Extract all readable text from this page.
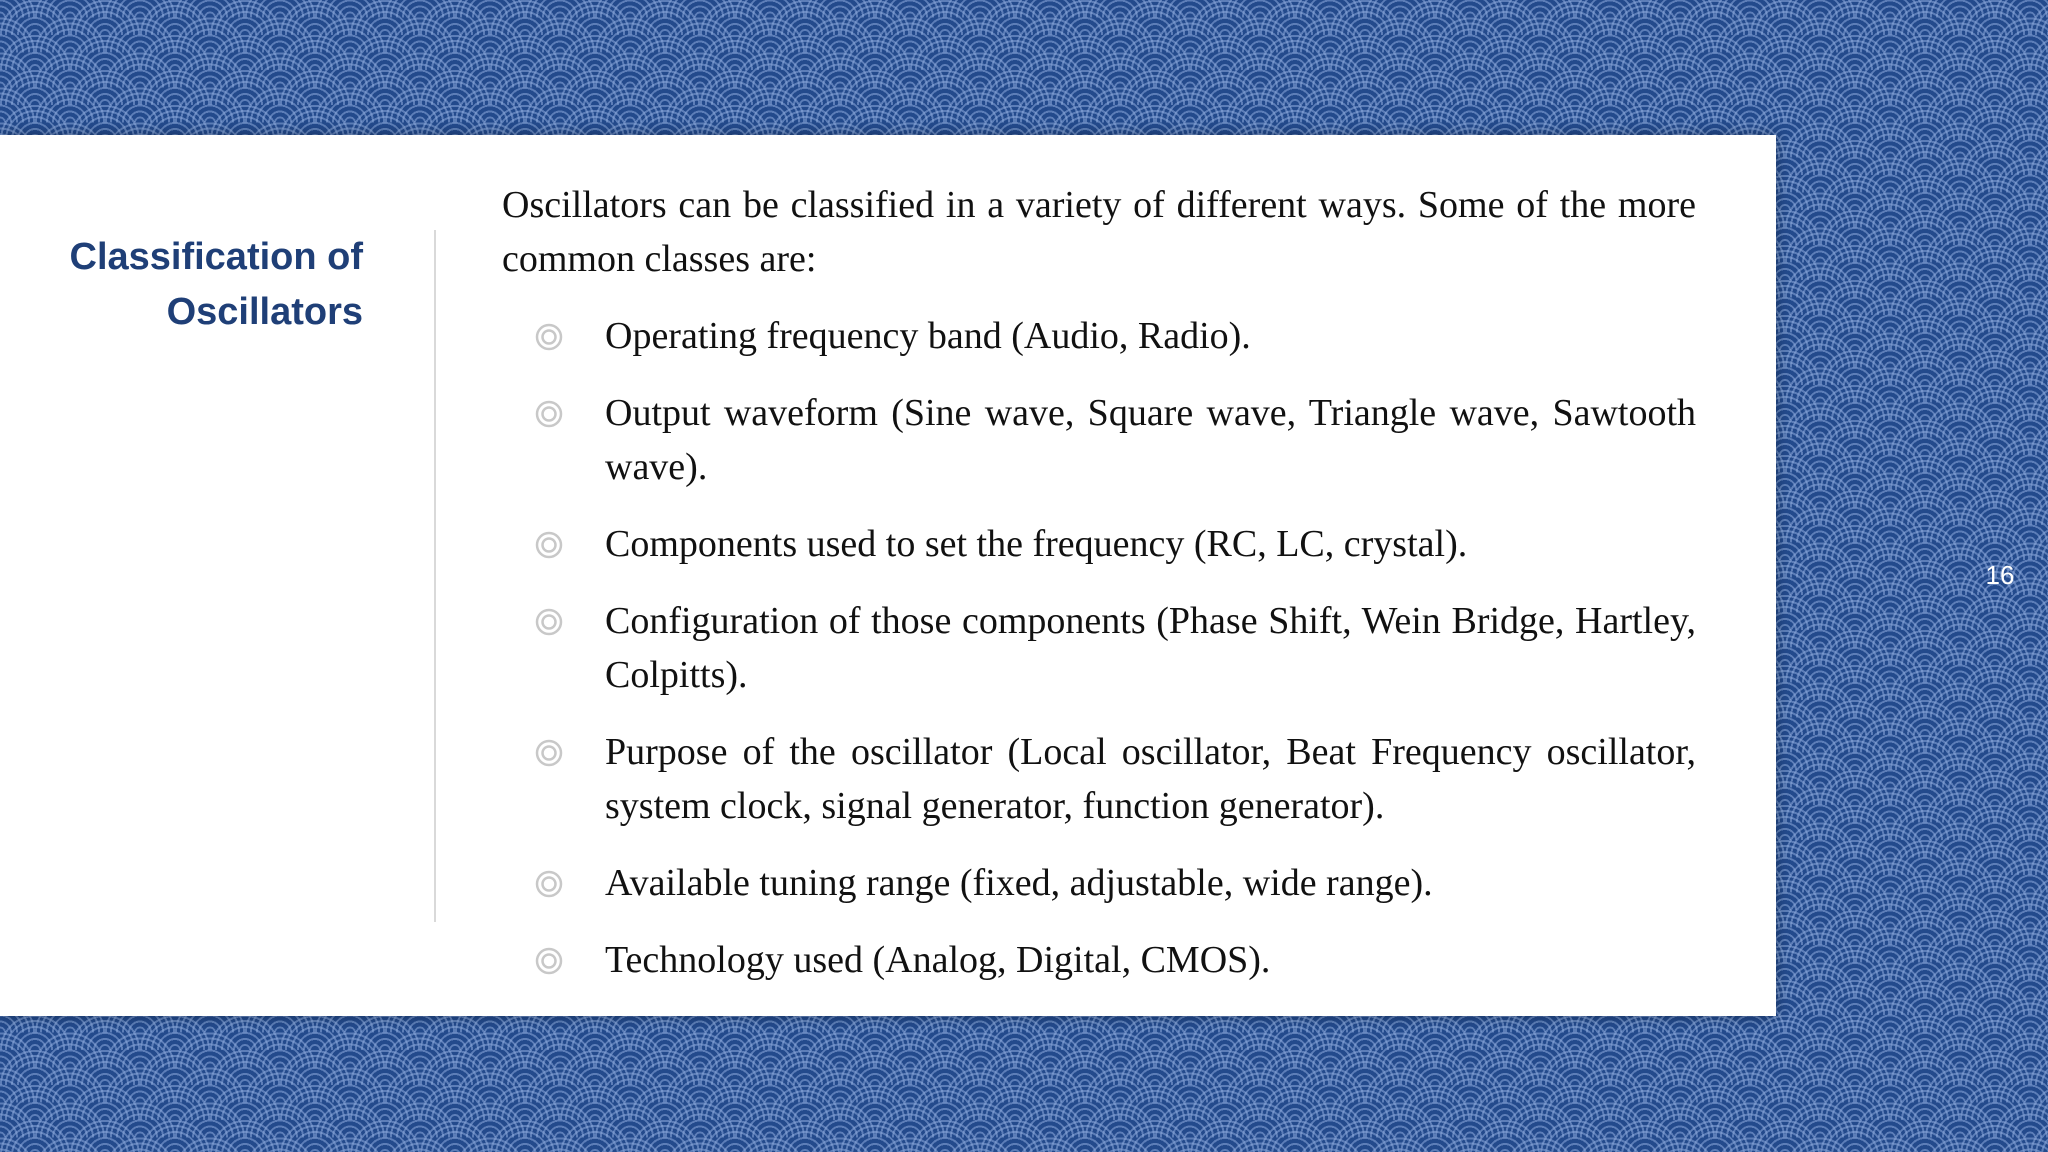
Classification of
Oscillators

Oscillators can be classified in a variety of different ways. Some of the more common classes are:

Operating frequency band (Audio, Radio).
Output waveform (Sine wave, Square wave, Triangle wave, Sawtooth wave).
Components used to set the frequency (RC, LC, crystal).
Configuration of those components (Phase Shift, Wein Bridge, Hartley, Colpitts).
Purpose of the oscillator (Local oscillator, Beat Frequency oscillator, system clock, signal generator, function generator).
Available tuning range (fixed, adjustable, wide range).
Technology used (Analog, Digital, CMOS).
16
